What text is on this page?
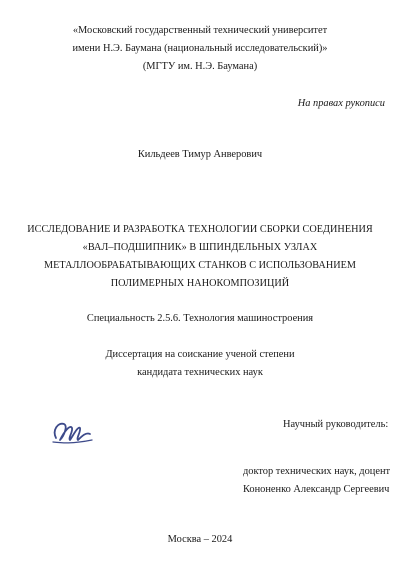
«Московский государственный технический университет
имени Н.Э. Баумана (национальный исследовательский)»
(МГТУ им. Н.Э. Баумана)
На правах рукописи
Кильдеев Тимур Анверович
ИССЛЕДОВАНИЕ И РАЗРАБОТКА ТЕХНОЛОГИИ СБОРКИ СОЕДИНЕНИЯ
«ВАЛ–ПОДШИПНИК» В ШПИНДЕЛЬНЫХ УЗЛАХ
МЕТАЛЛООБРАБАТЫВАЮЩИХ СТАНКОВ С ИСПОЛЬЗОВАНИЕМ
ПОЛИМЕРНЫХ НАНОКОМПОЗИЦИЙ
Специальность 2.5.6. Технология машиностроения
Диссертация на соискание ученой степени
кандидата технических наук
Научный руководитель:
доктор технических наук, доцент
Кононенко Александр Сергеевич
Москва – 2024
